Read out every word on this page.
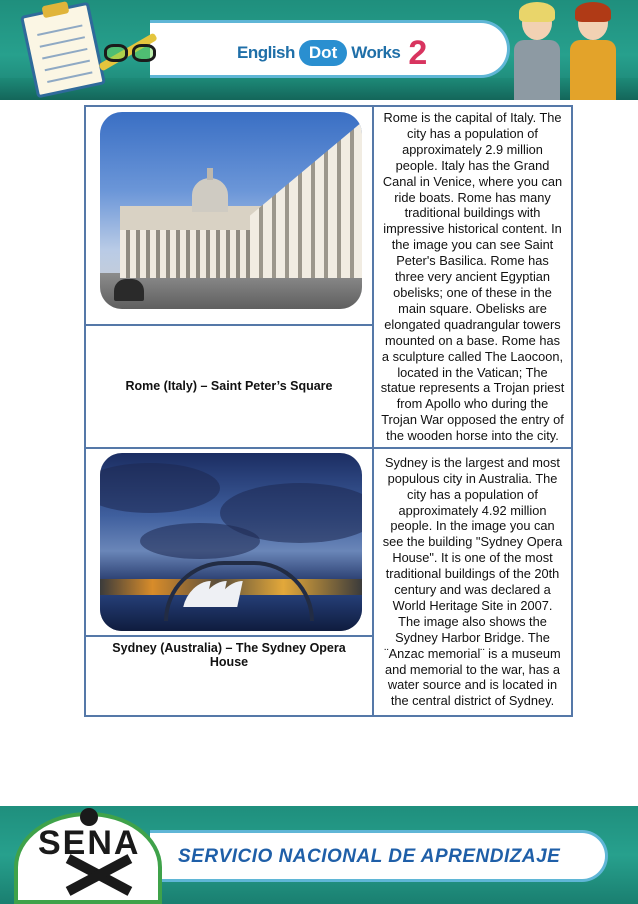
English Dot Works 2
	Rome is the capital of Italy. The city has a population of approximately 2.9 million people. Italy has the Grand Canal in Venice, where you can ride boats. Rome has many traditional buildings with impressive historical content. In the image you can see Saint Peter's Basilica. Rome has three very ancient Egyptian obelisks; one of these in the main square. Obelisks are elongated quadrangular towers mounted on a base. Rome has a sculpture called The Laocoon, located in the Vatican; The statue represents a Trojan priest from Apollo who during the Trojan War opposed the entry of the wooden horse into the city.
Rome (Italy) – Saint Peter’s Square	

	Sydney is the largest and most populous city in Australia. The city has a population of approximately 4.92 million people. In the image you can see the building "Sydney Opera House". It is one of the most traditional buildings of the 20th century and was declared a World Heritage Site in 2007. The image also shows the Sydney Harbor Bridge. The ¨Anzac memorial¨ is a museum and memorial to the war, has a water source and is located in the central district of Sydney.
Sydney (Australia) – The Sydney Opera House	
SENA SERVICIO NACIONAL DE APRENDIZAJE
